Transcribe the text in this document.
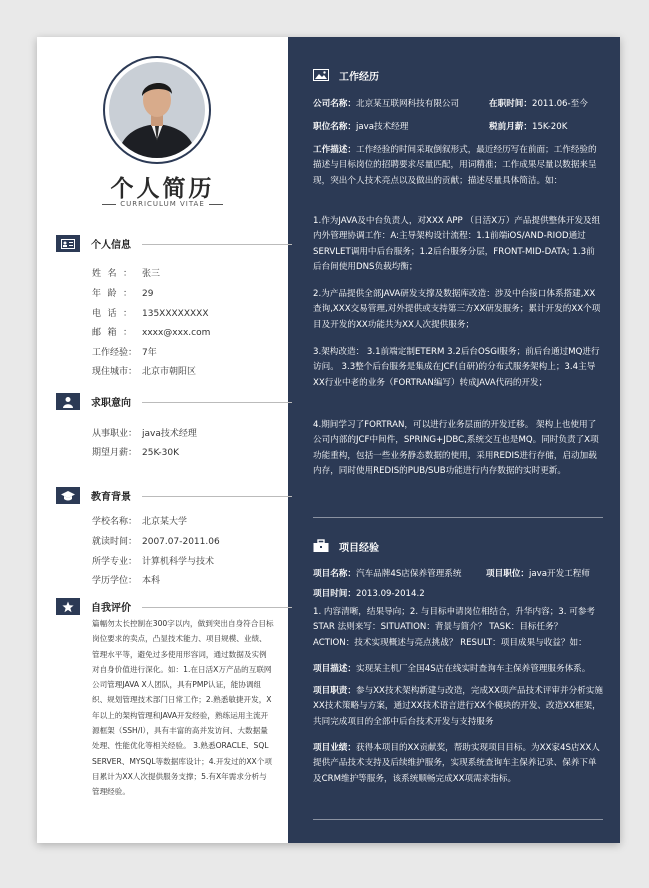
个人简历
CURRICULUM VITAE
个人信息
姓名： 张三
年龄： 29
电话： 135XXXXXXXX
邮箱： xxxx@xxx.com
工作经验： 7年
现住城市： 北京市朝阳区
求职意向
从事职业： java技术经理
期望月薪： 25K-30K
教育背景
学校名称： 北京某大学
就读时间： 2007.07-2011.06
所学专业： 计算机科学与技术
学历学位： 本科
自我评价
篇幅勿太长控制在300字以内，做到突出自身符合目标岗位要求的卖点，凸显技术能力、项目规模、业绩、管理水平等，避免过多使用形容词，通过数据及实例对自身价值进行深化。如：1.在日活X万产品的互联网公司管理JAVA X人团队，具有PMP认证，能协调组织、规划管理技术部门日常工作；2.熟悉敏捷开发，X年以上的架构管理和JAVA开发经验，熟练运用主流开源框架（SSH/I），具有丰富的高并发访问、大数据量处理、性能优化等相关经验。 3.熟悉ORACLE、SQL SERVER、MYSQL等数据库设计；4.开发过的XX个项目累计为XX人次提供服务支撑；5.有X年需求分析与管理经验。
工作经历
公司名称：北京某互联网科技有限公司	在职时间：2011.06-至今
职位名称：java技术经理	税前月薪：15K-20K

工作描述：工作经验的时间采取倒叙形式，最近经历写在前面；工作经验的描述与目标岗位的招聘要求尽量匹配，用词精准；工作成果尽量以数据来呈现，突出个人技术亮点以及做出的贡献；描述尽量具体简洁。如：

1.作为JAVA及中台负责人，对XXX APP （日活X万）产品提供整体开发及组内外管理协调工作：A:主导架构设计流程：1.1前端iOS/AND-RIOD通过SERVLET调用中后台服务；1.2后台服务分层，FRONT-MID-DATA; 1.3前后台间使用DNS负载均衡；
2.为产品提供全部JAVA研发支撑及数据库改造：涉及中台接口体系搭建,XX查询,XXX交易管理,对外提供或支持第三方XX研发服务；累计开发的XX个项目及开发的XX功能共为XX人次提供服务；
3.架构改造： 3.1前端定制ETERM 3.2后台OSGI服务；前后台通过MQ进行访问。 3.3整个后台服务是集成在JCF(自研)的分布式服务架构上；3.4主导XX行业中老的业务（FORTRAN编写）转成JAVA代码的开发；
4.期间学习了FORTRAN，可以进行业务层面的开发迁移。 架构上也使用了公司内部的JCF中间件，SPRING+JDBC,系统交互也是MQ。同时负责了X项功能重构，包括一些业务静态数据的使用，采用REDIS进行存储，启动加载内存，同时使用REDIS的PUB/SUB功能进行内存数据的实时更新。
项目经验
项目名称：汽车品牌4S店保养管理系统	项目职位：java开发工程师
项目时间：2013.09-2014.2
1. 内容清晰，结果导向；2. 与目标申请岗位相结合，升华内容；3. 可参考 STAR 法则来写：SITUATION：背景与简介？ TASK：目标任务？ ACTION：技术实现概述与亮点挑战？ RESULT：项目成果与收益？如：
项目描述：实现某主机厂全国4S店在线实时查询车主保养管理服务体系。
项目职责：参与XX技术架构新建与改造，完成XX项产品技术评审并分析实施XX技术策略与方案，通过XX技术语言进行XX个模块的开发、改造XX框架，共同完成项目的全部中后台技术开发与支持服务
项目业绩：获得本项目的XX贡献奖，帮助实现项目目标。为XX家4S店XX人提供产品技术支持及后续维护服务，实现系统查询车主保养记录、保养下单及CRM维护等服务，该系统顺畅完成XX项需求指标。
